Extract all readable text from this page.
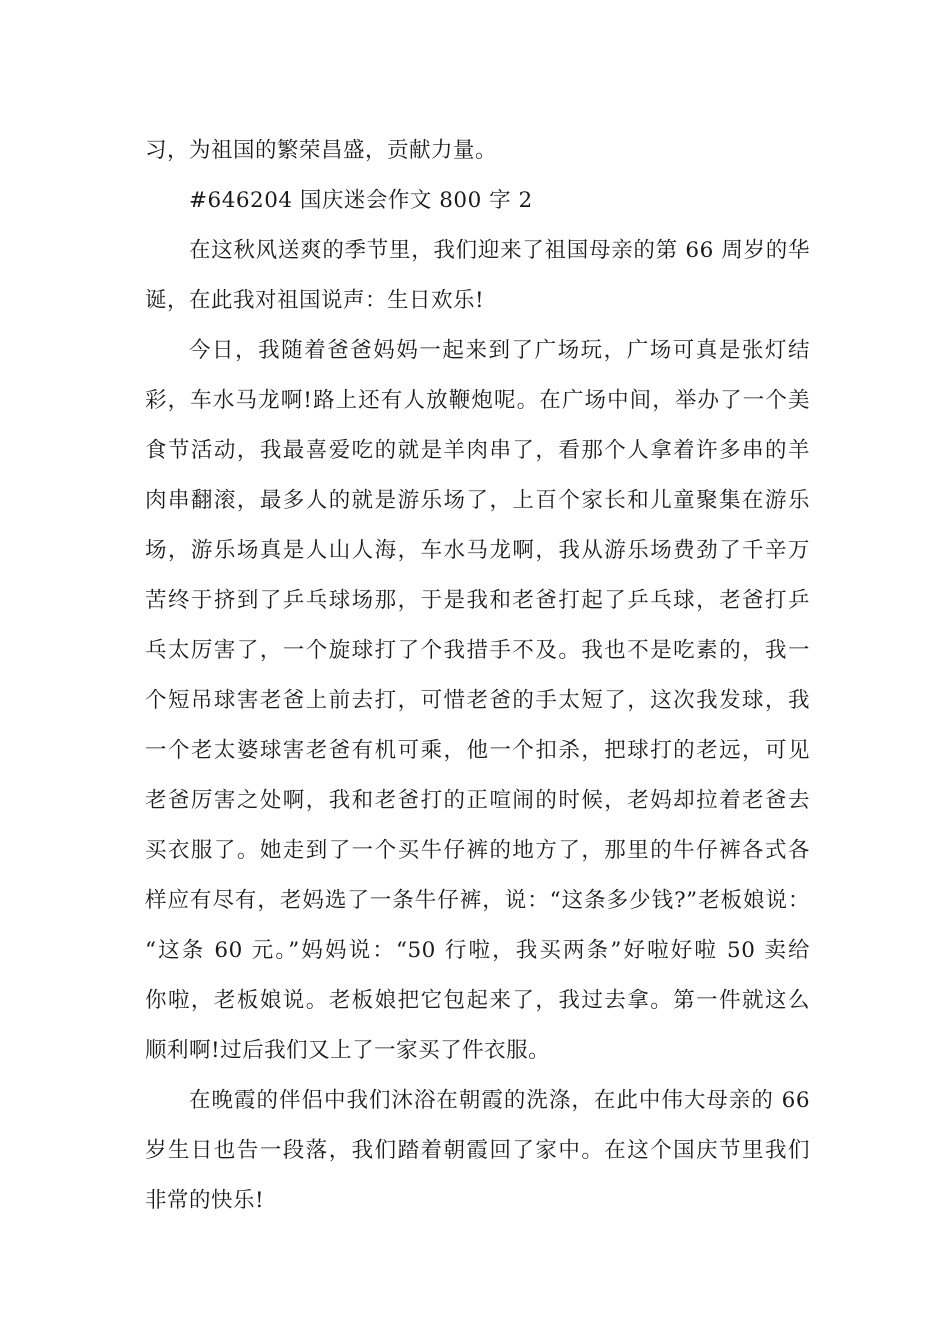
习，为祖国的繁荣昌盛，贡献力量。
#646204 国庆迷会作文 800 字 2
在这秋风送爽的季节里，我们迎来了祖国母亲的第 66 周岁的华
诞，在此我对祖国说声：生日欢乐!
今日，我随着爸爸妈妈一起来到了广场玩，广场可真是张灯结
彩，车水马龙啊!路上还有人放鞭炮呢。在广场中间，举办了一个美
食节活动，我最喜爱吃的就是羊肉串了，看那个人拿着许多串的羊
肉串翻滚，最多人的就是游乐场了，上百个家长和儿童聚集在游乐
场，游乐场真是人山人海，车水马龙啊，我从游乐场费劲了千辛万
苦终于挤到了乒乓球场那，于是我和老爸打起了乒乓球，老爸打乒
乓太厉害了，一个旋球打了个我措手不及。我也不是吃素的，我一
个短吊球害老爸上前去打，可惜老爸的手太短了，这次我发球，我
一个老太婆球害老爸有机可乘，他一个扣杀，把球打的老远，可见
老爸厉害之处啊，我和老爸打的正喧闹的时候，老妈却拉着老爸去
买衣服了。她走到了一个买牛仔裤的地方了，那里的牛仔裤各式各
样应有尽有，老妈选了一条牛仔裤，说：“这条多少钱?”老板娘说：
“这条 60 元。”妈妈说：“50 行啦，我买两条”好啦好啦 50 卖给
你啦，老板娘说。老板娘把它包起来了，我过去拿。第一件就这么
顺利啊!过后我们又上了一家买了件衣服。
在晚霞的伴侣中我们沐浴在朝霞的洗涤，在此中伟大母亲的 66
岁生日也告一段落，我们踏着朝霞回了家中。在这个国庆节里我们
非常的快乐!
